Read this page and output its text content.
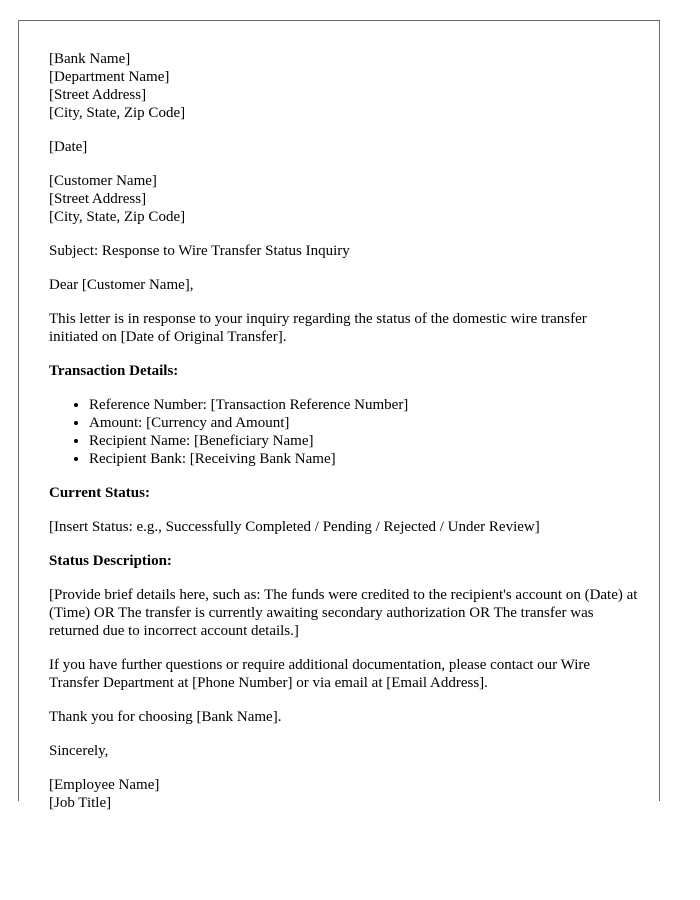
[Bank Name]
[Department Name]
[Street Address]
[City, State, Zip Code]

[Date]

[Customer Name]
[Street Address]
[City, State, Zip Code]

Subject: Response to Wire Transfer Status Inquiry

Dear [Customer Name],

This letter is in response to your inquiry regarding the status of the domestic wire transfer initiated on [Date of Original Transfer].

Transaction Details:

• Reference Number: [Transaction Reference Number]
• Amount: [Currency and Amount]
• Recipient Name: [Beneficiary Name]
• Recipient Bank: [Receiving Bank Name]

Current Status:

[Insert Status: e.g., Successfully Completed / Pending / Rejected / Under Review]

Status Description:

[Provide brief details here, such as: The funds were credited to the recipient's account on (Date) at (Time) OR The transfer is currently awaiting secondary authorization OR The transfer was returned due to incorrect account details.]

If you have further questions or require additional documentation, please contact our Wire Transfer Department at [Phone Number] or via email at [Email Address].

Thank you for choosing [Bank Name].

Sincerely,

[Employee Name]
[Job Title]
